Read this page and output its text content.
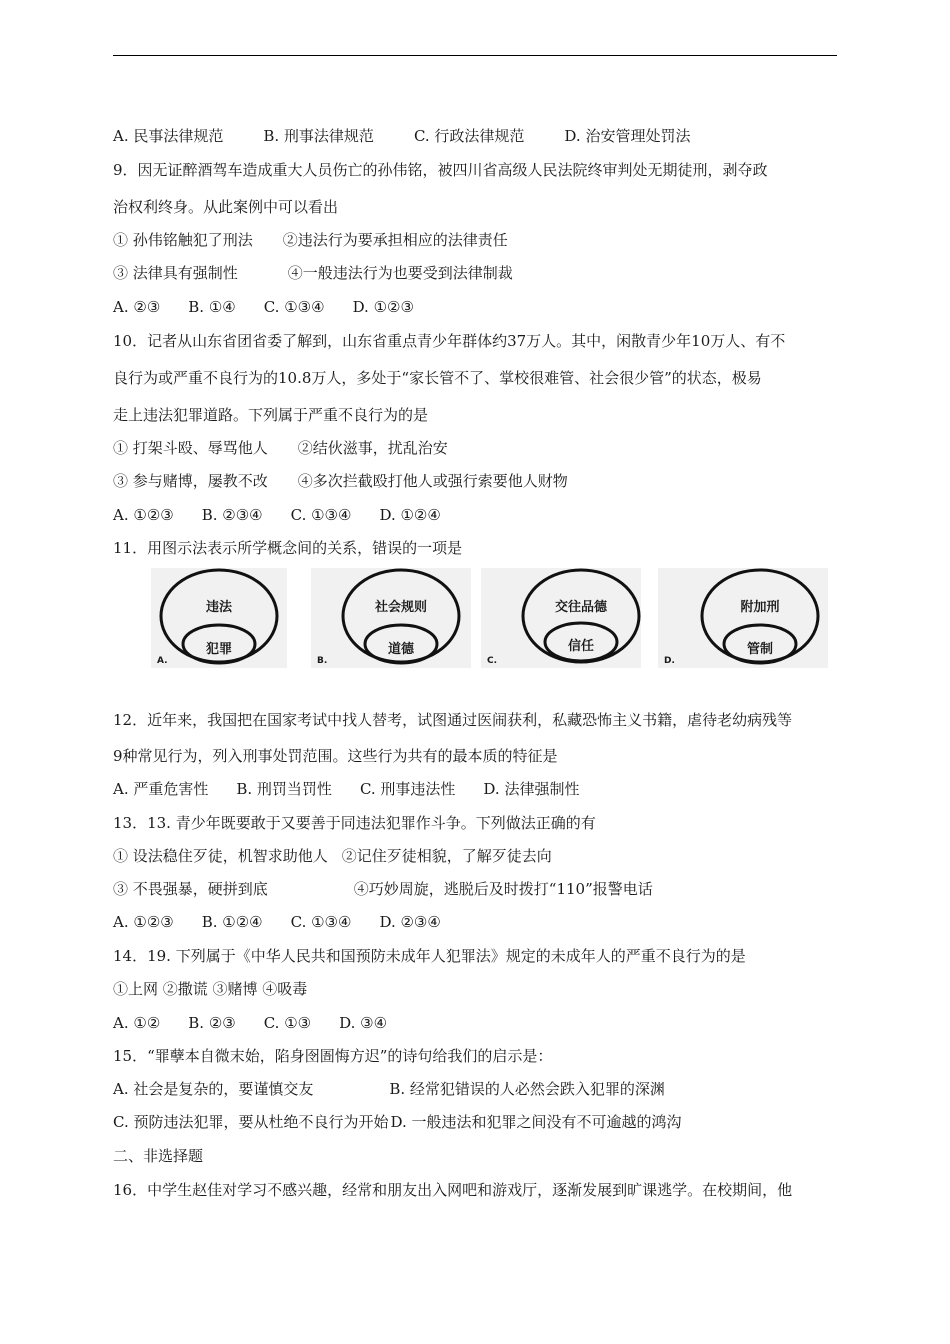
A. 民事法律规范	B. 刑事法律规范	C. 行政法律规范	D. 治安管理处罚法
9．因无证醉酒驾车造成重大人员伤亡的孙伟铭，被四川省高级人民法院终审判处无期徒刑，剥夺政
治权利终身。从此案例中可以看出
① 孙伟铭触犯了刑法 ②违法行为要承担相应的法律责任
③ 法律具有强制性	④一般违法行为也要受到法律制裁
A. ②③ B. ①④ C. ①③④ D. ①②③
10．记者从山东省团省委了解到，山东省重点青少年群体约37万人。其中，闲散青少年10万人、有不
良行为或严重不良行为的10.8万人，多处于“家长管不了、掌校很难管、社会很少管”的状态，极易
走上违法犯罪道路。下列属于严重不良行为的是
① 打架斗殴、辱骂他人 ②结伙滋事，扰乱治安
③ 参与赌博，屡教不改 ④多次拦截殴打他人或强行索要他人财物
A. ①②③ B. ②③④ C. ①③④ D. ①②④
11．用图示法表示所学概念间的关系，错误的一项是
违法
犯罪
A.
社会规则
道德
B.
交往品德
信任
C.
附加刑
管制
D.
12．近年来，我国把在国家考试中找人替考，试图通过医闹获利，私藏恐怖主义书籍，虐待老幼病残等
9种常见行为，列入刑事处罚范围。这些行为共有的最本质的特征是
A. 严重危害性 B. 刑罚当罚性 C. 刑事违法性 D. 法律强制性
13．13. 青少年既要敢于又要善于同违法犯罪作斗争。下列做法正确的有
① 设法稳住歹徒，机智求助他人 ②记住歹徒相貌，了解歹徒去向
③ 不畏强暴，硬拼到底	④巧妙周旋，逃脱后及时拨打“110”报警电话
A. ①②③ B. ①②④ C. ①③④ D. ②③④
14．19. 下列属于《中华人民共和国预防未成年人犯罪法》规定的未成年人的严重不良行为的是
①上网 ②撒谎 ③赌博 ④吸毒
A. ①② B. ②③ C. ①③ D. ③④
15．“罪孽本自微末始，陷身囹圄悔方迟”的诗句给我们的启示是：
A. 社会是复杂的，要谨慎交友	B. 经常犯错误的人必然会跌入犯罪的深渊
C. 预防违法犯罪，要从杜绝不良行为开始 D. 一般违法和犯罪之间没有不可逾越的鸿沟
二、非选择题
16．中学生赵佳对学习不感兴趣，经常和朋友出入网吧和游戏厅，逐渐发展到旷课逃学。在校期间，他
